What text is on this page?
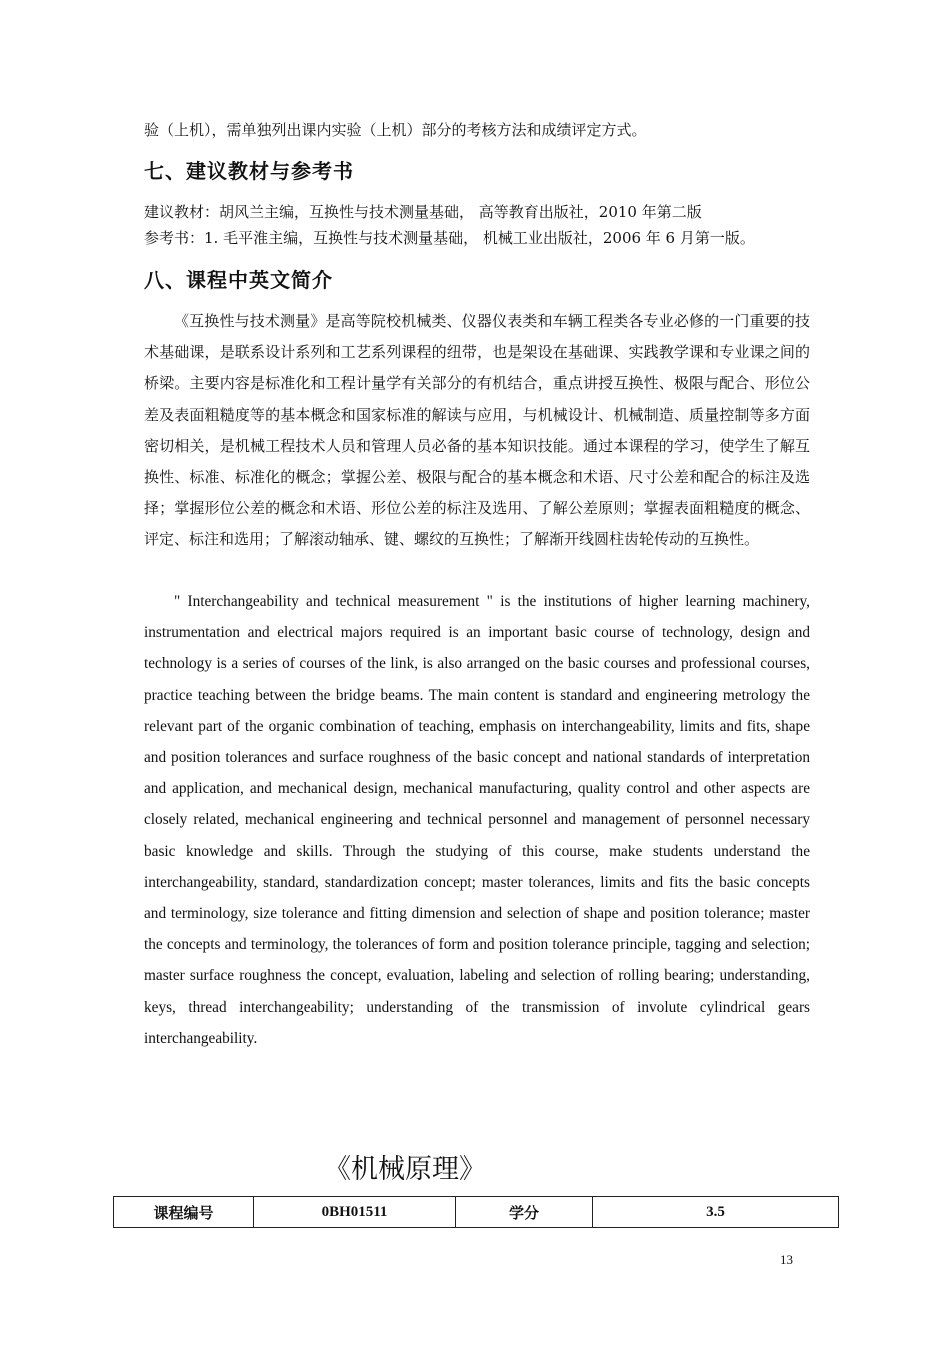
验（上机），需单独列出课内实验（上机）部分的考核方法和成绩评定方式。
七、建议教材与参考书
建议教材：胡风兰主编，互换性与技术测量基础， 高等教育出版社，2010 年第二版
参考书：1. 毛平淮主编，互换性与技术测量基础， 机械工业出版社，2006 年 6 月第一版。
八、课程中英文简介
《互换性与技术测量》是高等院校机械类、仪器仪表类和车辆工程类各专业必修的一门重要的技术基础课，是联系设计系列和工艺系列课程的纽带，也是架设在基础课、实践教学课和专业课之间的桥梁。主要内容是标准化和工程计量学有关部分的有机结合，重点讲授互换性、极限与配合、形位公差及表面粗糙度等的基本概念和国家标准的解读与应用，与机械设计、机械制造、质量控制等多方面密切相关，是机械工程技术人员和管理人员必备的基本知识技能。通过本课程的学习，使学生了解互换性、标准、标准化的概念；掌握公差、极限与配合的基本概念和术语、尺寸公差和配合的标注及选择；掌握形位公差的概念和术语、形位公差的标注及选用、了解公差原则；掌握表面粗糙度的概念、评定、标注和选用；了解滚动轴承、键、螺纹的互换性；了解渐开线圆柱齿轮传动的互换性。
" Interchangeability and technical measurement " is the institutions of higher learning machinery, instrumentation and electrical majors required is an important basic course of technology, design and technology is a series of courses of the link, is also arranged on the basic courses and professional courses, practice teaching between the bridge beams. The main content is standard and engineering metrology the relevant part of the organic combination of teaching, emphasis on interchangeability, limits and fits, shape and position tolerances and surface roughness of the basic concept and national standards of interpretation and application, and mechanical design, mechanical manufacturing, quality control and other aspects are closely related, mechanical engineering and technical personnel and management of personnel necessary basic knowledge and skills. Through the studying of this course, make students understand the interchangeability, standard, standardization concept; master tolerances, limits and fits the basic concepts and terminology, size tolerance and fitting dimension and selection of shape and position tolerance; master the concepts and terminology, the tolerances of form and position tolerance principle, tagging and selection; master surface roughness the concept, evaluation, labeling and selection of rolling bearing; understanding, keys, thread interchangeability; understanding of the transmission of involute cylindrical gears interchangeability.
《机械原理》
课程编号	0BH01511	学分	3.5
13
